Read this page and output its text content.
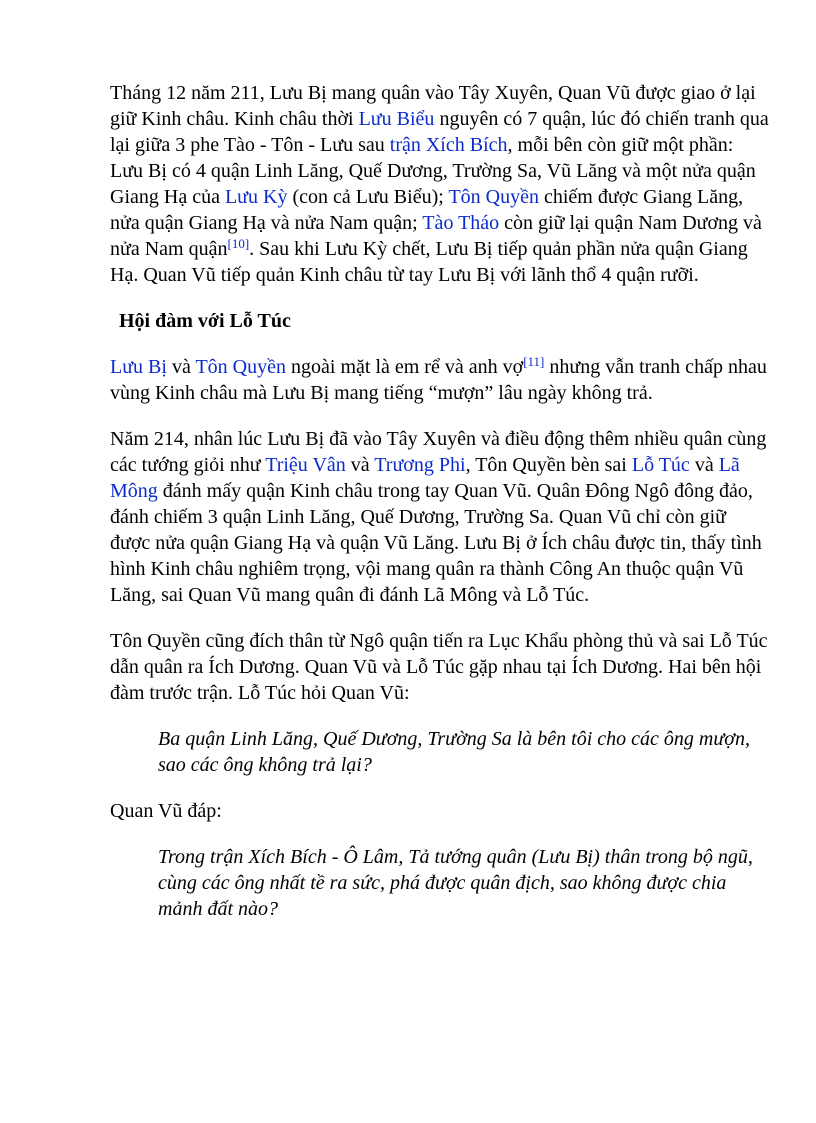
Tháng 12 năm 211, Lưu Bị mang quân vào Tây Xuyên, Quan Vũ được giao ở lại giữ Kinh châu. Kinh châu thời Lưu Biểu nguyên có 7 quận, lúc đó chiến tranh qua lại giữa 3 phe Tào - Tôn - Lưu sau trận Xích Bích, mỗi bên còn giữ một phần: Lưu Bị có 4 quận Linh Lăng, Quế Dương, Trường Sa, Vũ Lăng và một nửa quận Giang Hạ của Lưu Kỳ (con cả Lưu Biểu); Tôn Quyền chiếm được Giang Lăng, nửa quận Giang Hạ và nửa Nam quận; Tào Tháo còn giữ lại quận Nam Dương và nửa Nam quận[10]. Sau khi Lưu Kỳ chết, Lưu Bị tiếp quản phần nửa quận Giang Hạ. Quan Vũ tiếp quản Kinh châu từ tay Lưu Bị với lãnh thổ 4 quận rưỡi.

Hội đàm với Lỗ Túc

Lưu Bị và Tôn Quyền ngoài mặt là em rể và anh vợ[11] nhưng vẫn tranh chấp nhau vùng Kinh châu mà Lưu Bị mang tiếng “mượn” lâu ngày không trả.

Năm 214, nhân lúc Lưu Bị đã vào Tây Xuyên và điều động thêm nhiều quân cùng các tướng giỏi như Triệu Vân và Trương Phi, Tôn Quyền bèn sai Lỗ Túc và Lã Mông đánh mấy quận Kinh châu trong tay Quan Vũ. Quân Đông Ngô đông đảo, đánh chiếm 3 quận Linh Lăng, Quế Dương, Trường Sa. Quan Vũ chỉ còn giữ được nửa quận Giang Hạ và quận Vũ Lăng. Lưu Bị ở Ích châu được tin, thấy tình hình Kinh châu nghiêm trọng, vội mang quân ra thành Công An thuộc quận Vũ Lăng, sai Quan Vũ mang quân đi đánh Lã Mông và Lỗ Túc.

Tôn Quyền cũng đích thân từ Ngô quận tiến ra Lục Khẩu phòng thủ và sai Lỗ Túc dẫn quân ra Ích Dương. Quan Vũ và Lỗ Túc gặp nhau tại Ích Dương. Hai bên hội đàm trước trận. Lỗ Túc hỏi Quan Vũ:

Ba quận Linh Lăng, Quế Dương, Trường Sa là bên tôi cho các ông mượn, sao các ông không trả lại?

Quan Vũ đáp:

Trong trận Xích Bích - Ô Lâm, Tả tướng quân (Lưu Bị) thân trong bộ ngũ, cùng các ông nhất tề ra sức, phá được quân địch, sao không được chia mảnh đất nào?
